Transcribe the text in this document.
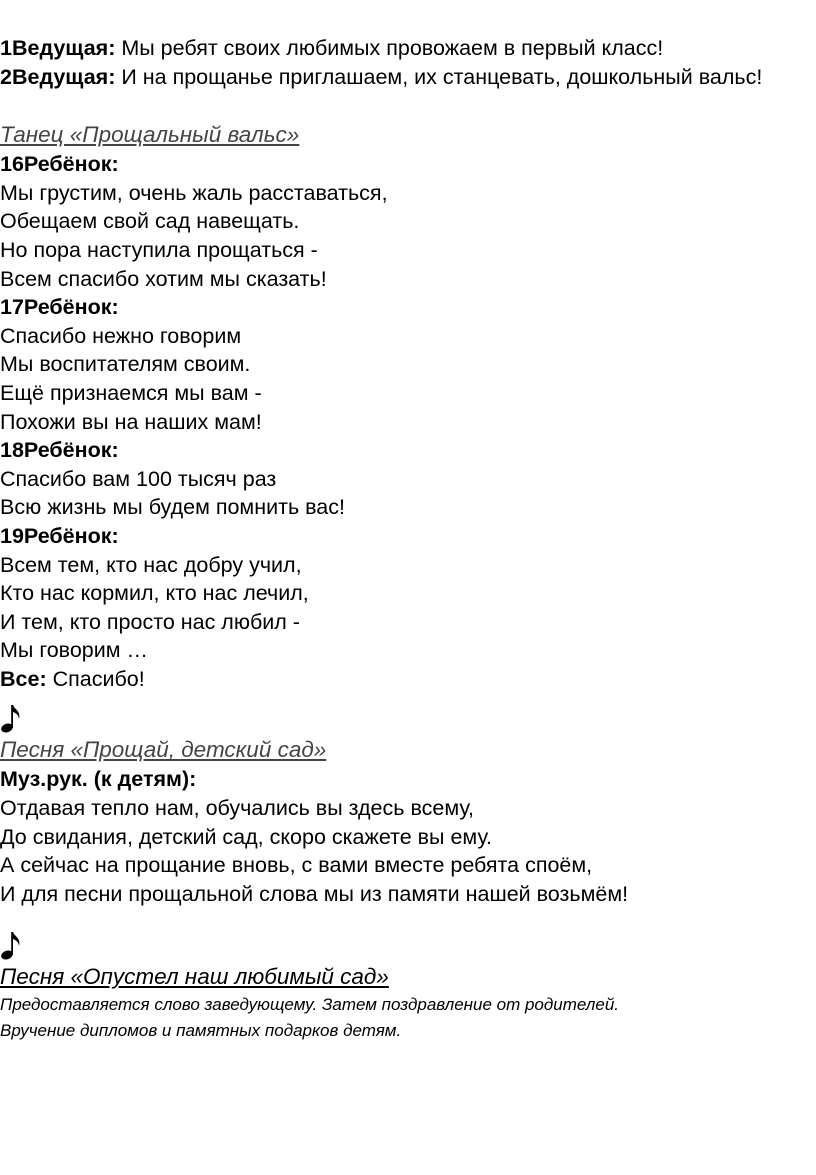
1Ведущая: Мы ребят своих любимых провожаем в первый класс!

2Ведущая: И на прощанье приглашаем, их станцевать, дошкольный вальс!

Танец «Прощальный вальс»

16Ребёнок:

Мы грустим, очень жаль расставаться,

Обещаем свой сад навещать.

Но пора наступила прощаться -

Всем спасибо хотим мы сказать!

17Ребёнок:

Спасибо нежно говорим

Мы воспитателям своим.

Ещё признаемся мы вам -

Похожи вы на наших мам!

18Ребёнок:

Спасибо вам 100 тысяч раз

Всю жизнь мы будем помнить вас!

19Ребёнок:

Всем тем, кто нас добру учил,

Кто нас кормил, кто нас лечил,

И тем, кто просто нас любил -

Мы говорим …

Все: Спасибо!

Песня «Прощай, детский сад»

Муз.рук. (к детям):

Отдавая тепло нам, обучались вы здесь всему,

До свидания, детский сад, скоро скажете вы ему.

А сейчас на прощание вновь, с вами вместе ребята споём,

И для песни прощальной слова мы из памяти нашей возьмём!

Песня «Опустел наш любимый сад»

Предоставляется слово заведующему. Затем поздравление от родителей.

Вручение дипломов и памятных подарков детям.
